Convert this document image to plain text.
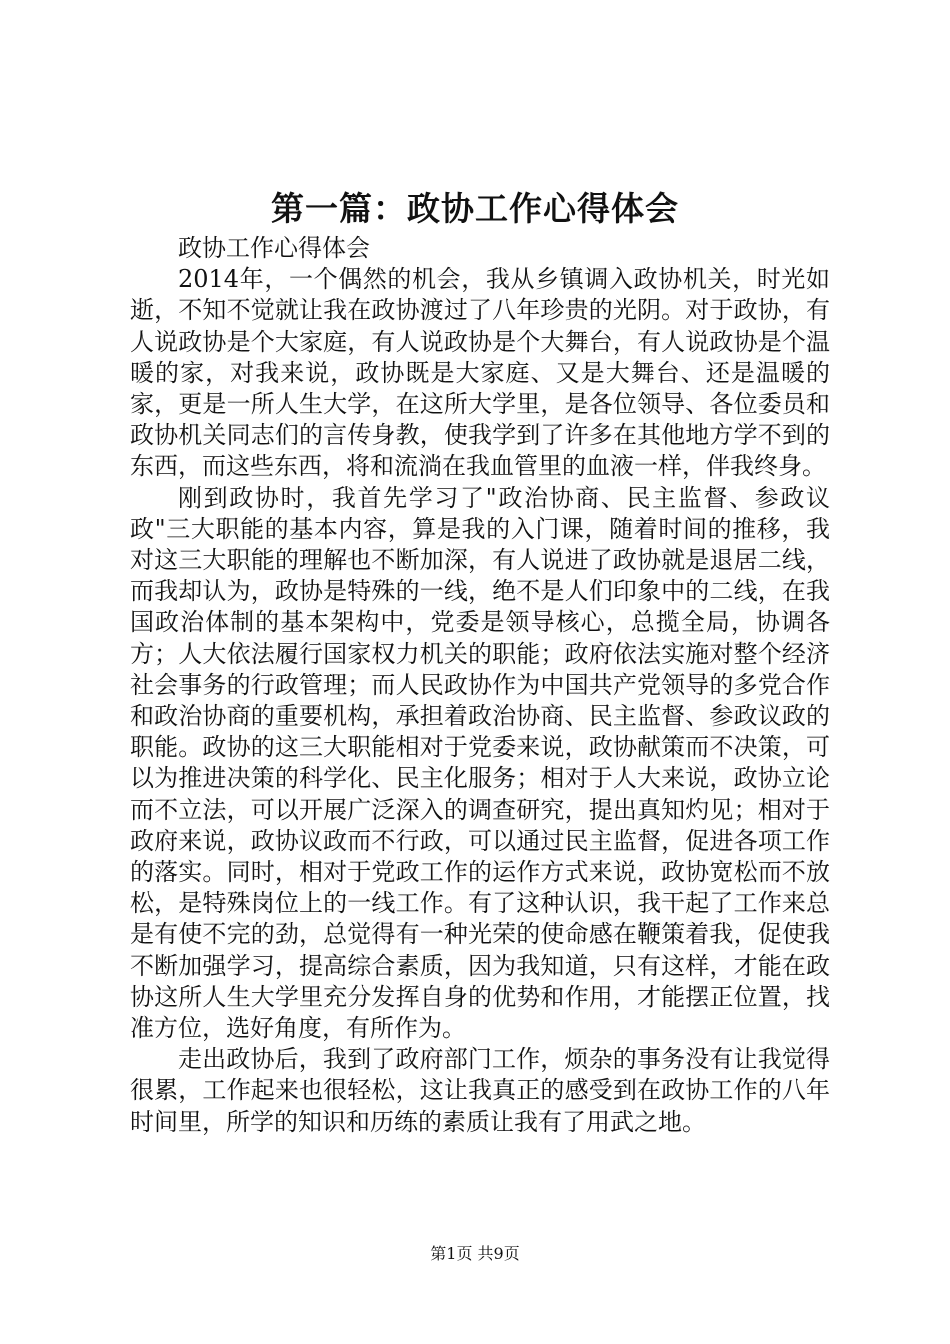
第一篇：政协工作心得体会

政协工作心得体会

2014年，一个偶然的机会，我从乡镇调入政协机关，时光如逝，不知不觉就让我在政协渡过了八年珍贵的光阴。对于政协，有人说政协是个大家庭，有人说政协是个大舞台，有人说政协是个温暖的家，对我来说，政协既是大家庭、又是大舞台、还是温暖的家，更是一所人生大学，在这所大学里，是各位领导、各位委员和政协机关同志们的言传身教，使我学到了许多在其他地方学不到的东西，而这些东西，将和流淌在我血管里的血液一样，伴我终身。

刚到政协时，我首先学习了"政治协商、民主监督、参政议政"三大职能的基本内容，算是我的入门课，随着时间的推移，我对这三大职能的理解也不断加深，有人说进了政协就是退居二线，而我却认为，政协是特殊的一线，绝不是人们印象中的二线，在我国政治体制的基本架构中，党委是领导核心，总揽全局，协调各方；人大依法履行国家权力机关的职能；政府依法实施对整个经济社会事务的行政管理；而人民政协作为中国共产党领导的多党合作和政治协商的重要机构，承担着政治协商、民主监督、参政议政的职能。政协的这三大职能相对于党委来说，政协献策而不决策，可以为推进决策的科学化、民主化服务；相对于人大来说，政协立论而不立法，可以开展广泛深入的调查研究，提出真知灼见；相对于政府来说，政协议政而不行政，可以通过民主监督，促进各项工作的落实。同时，相对于党政工作的运作方式来说，政协宽松而不放松，是特殊岗位上的一线工作。有了这种认识，我干起了工作来总是有使不完的劲，总觉得有一种光荣的使命感在鞭策着我，促使我不断加强学习，提高综合素质，因为我知道，只有这样，才能在政协这所人生大学里充分发挥自身的优势和作用，才能摆正位置，找准方位，选好角度，有所作为。

走出政协后，我到了政府部门工作，烦杂的事务没有让我觉得很累，工作起来也很轻松，这让我真正的感受到在政协工作的八年时间里，所学的知识和历练的素质让我有了用武之地。

第1页 共9页
